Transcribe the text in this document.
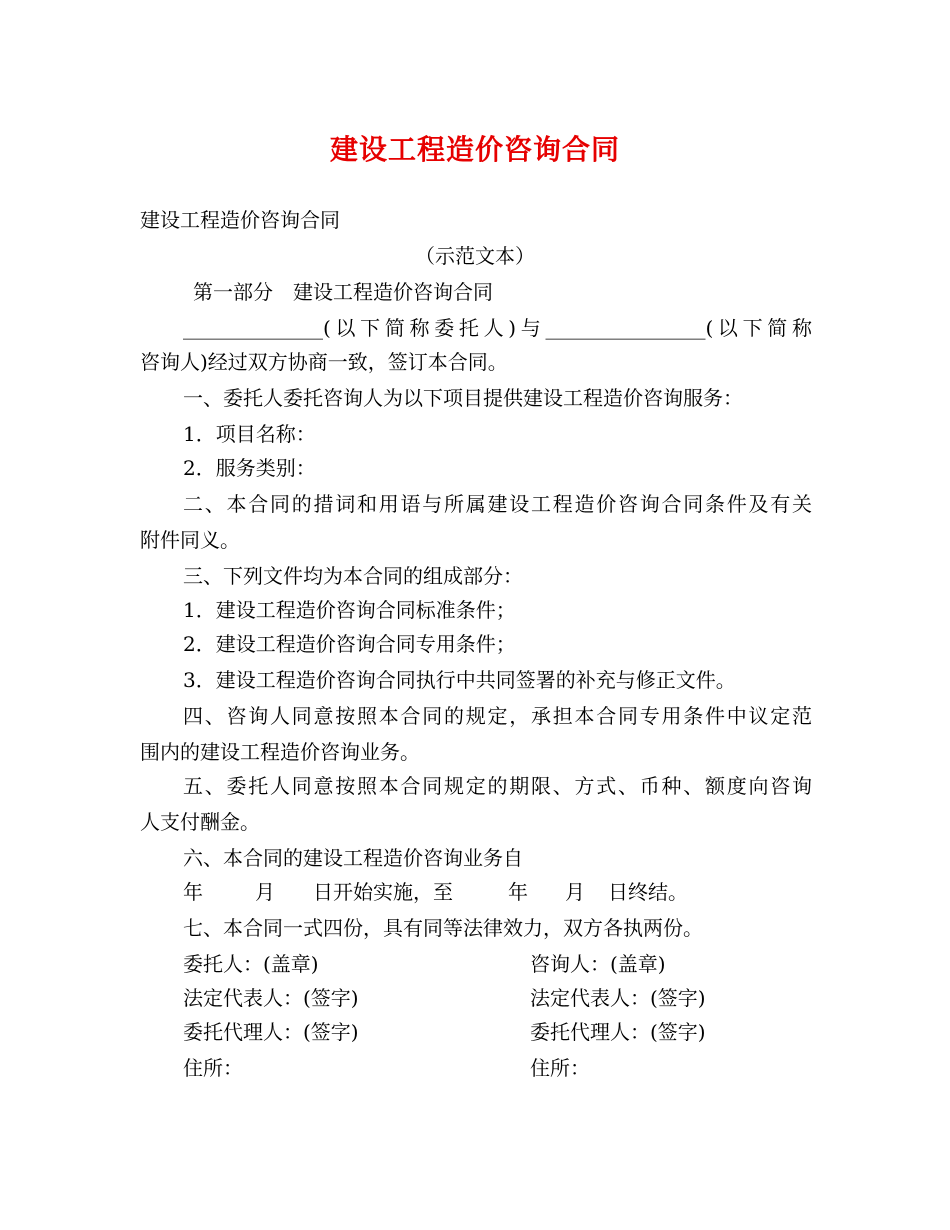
建设工程造价咨询合同
建设工程造价咨询合同
（示范文本）
第一部分　建设工程造价咨询合同
______________(以下简称委托人)与________________(以下简称
咨询人)经过双方协商一致，签订本合同。
一、委托人委托咨询人为以下项目提供建设工程造价咨询服务：
1．项目名称：
2．服务类别：
二、本合同的措词和用语与所属建设工程造价咨询合同条件及有关
附件同义。
三、下列文件均为本合同的组成部分：
1．建设工程造价咨询合同标准条件；
2．建设工程造价咨询合同专用条件；
3．建设工程造价咨询合同执行中共同签署的补充与修正文件。
四、咨询人同意按照本合同的规定，承担本合同专用条件中议定范
围内的建设工程造价咨询业务。
五、委托人同意按照本合同规定的期限、方式、币种、额度向咨询
人支付酬金。
六、本合同的建设工程造价咨询业务自
年	月 日开始实施，至	年 月 日终结。
七、本合同一式四份，具有同等法律效力，双方各执两份。
委托人：(盖章)	咨询人：(盖章)
法定代表人：(签字)	法定代表人：(签字)
委托代理人：(签字)	委托代理人：(签字)
住所：	住所：
